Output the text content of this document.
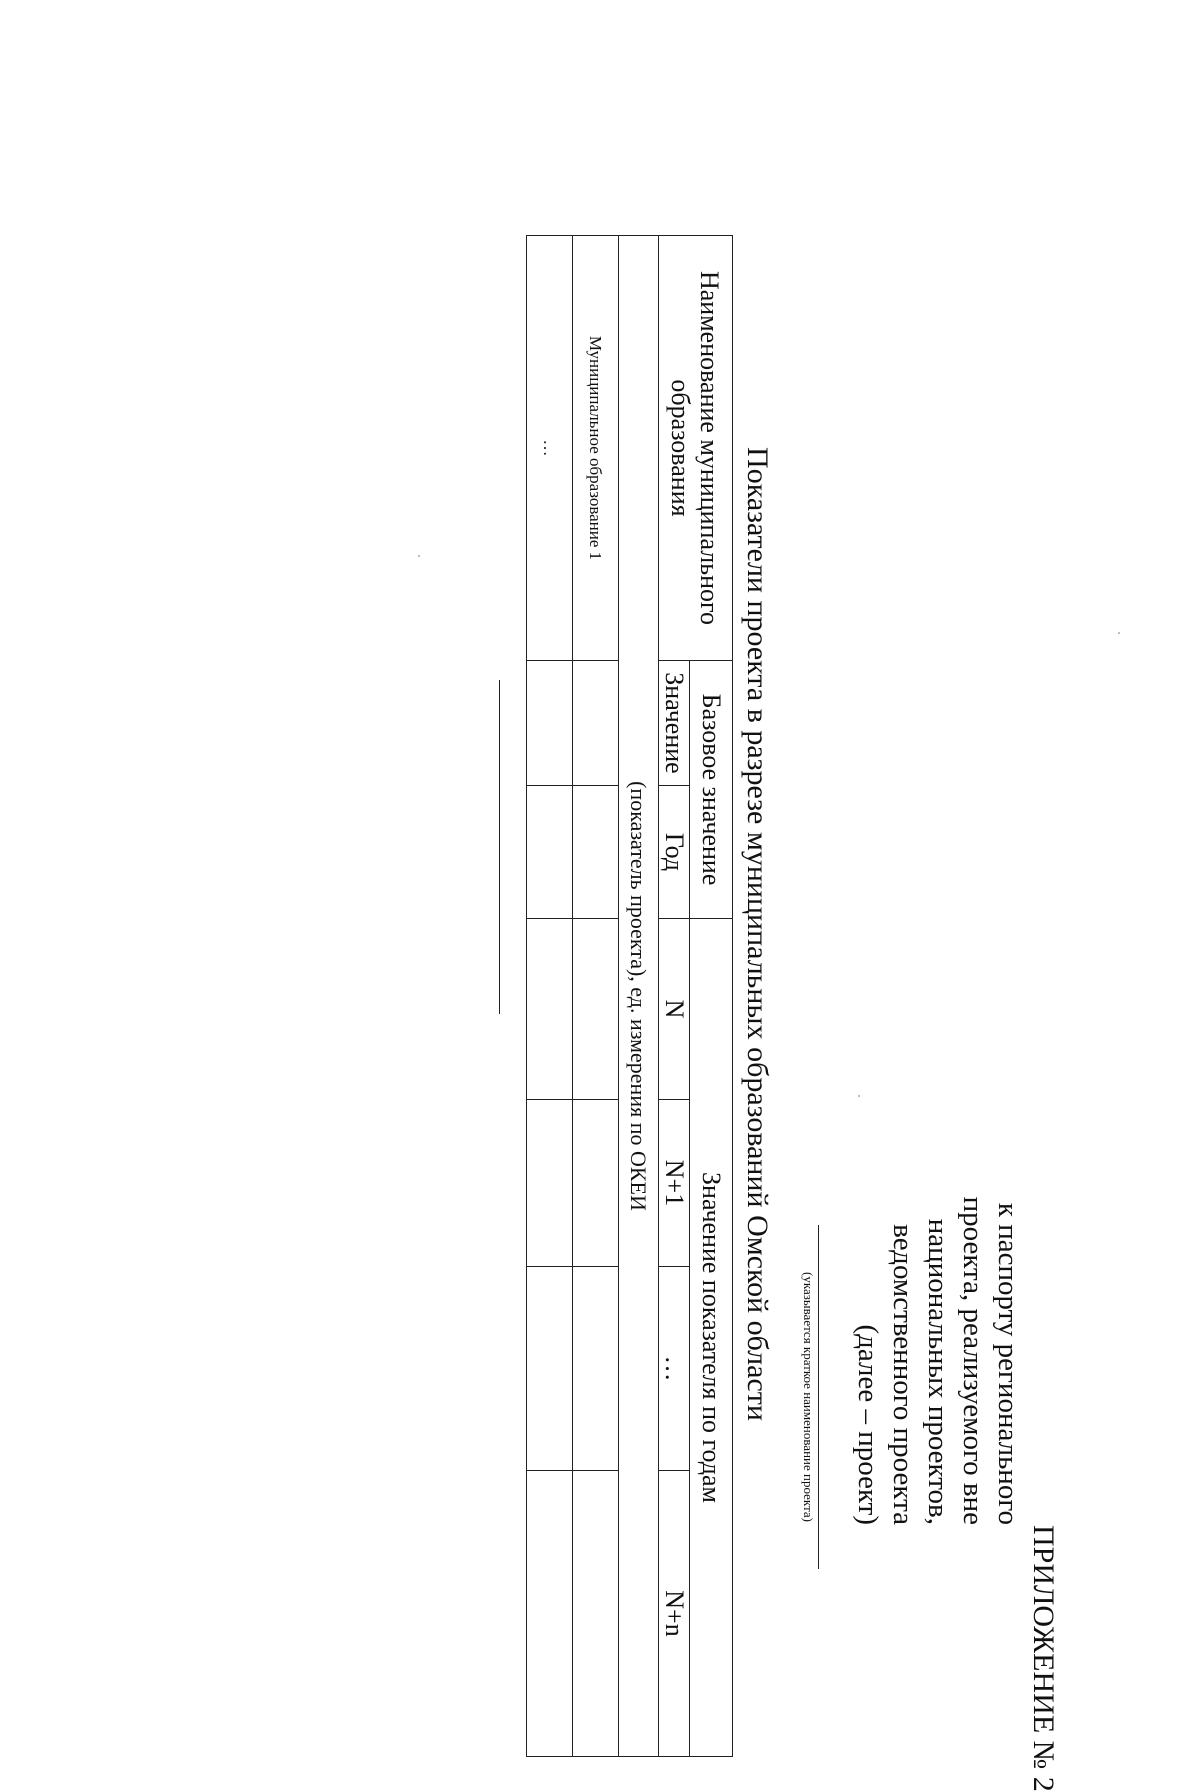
ПРИЛОЖЕНИЕ № 2
к паспорту регионального
проекта, реализуемого вне
национальных проектов,
ведомственного проекта
(далее – проект)
(указывается краткое наименование проекта)
Показатели проекта в разрезе муниципальных образований Омской области
Наименование муниципального образования	Базовое значение		Значение показателя по годам			
	Значение	Год	N	N+1	…	N+n
(показатель проекта), ед. измерения по ОКЕИ						
Муниципальное образование 1						
…						
